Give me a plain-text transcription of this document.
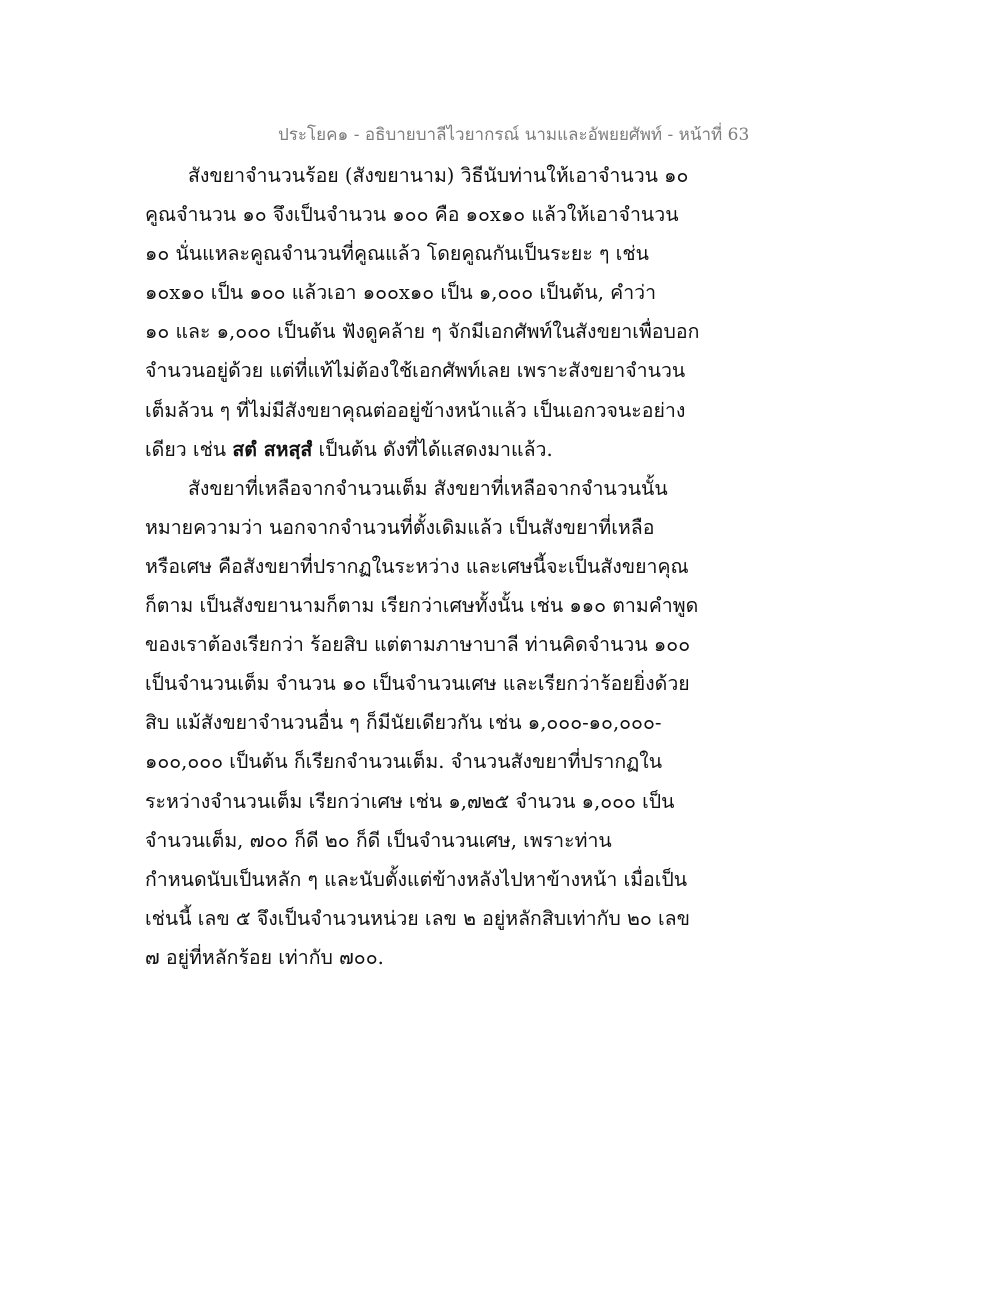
ประโยค๑ - อธิบายบาลีไวยากรณ์ นามและอัพยยศัพท์ - หน้าที่ 63
สังขยาจำนวนร้อย (สังขยานาม) วิธีนับท่านให้เอาจำนวน ๑๐
คูณจำนวน ๑๐ จึงเป็นจำนวน ๑๐๐ คือ ๑๐x๑๐ แล้วให้เอาจำนวน
๑๐ นั่นแหละคูณจำนวนที่คูณแล้ว โดยคูณกันเป็นระยะ ๆ เช่น
๑๐x๑๐ เป็น ๑๐๐ แล้วเอา ๑๐๐x๑๐ เป็น ๑,๐๐๐ เป็นต้น, คำว่า
๑๐ และ ๑,๐๐๐ เป็นต้น ฟังดูคล้าย ๆ จักมีเอกศัพท์ในสังขยาเพื่อบอก
จำนวนอยู่ด้วย แต่ที่แท้ไม่ต้องใช้เอกศัพท์เลย เพราะสังขยาจำนวน
เต็มล้วน ๆ ที่ไม่มีสังขยาคุณต่ออยู่ข้างหน้าแล้ว เป็นเอกวจนะอย่าง
เดียว เช่น สตํ สหสฺสํ เป็นต้น ดังที่ได้แสดงมาแล้ว.
สังขยาที่เหลือจากจำนวนเต็ม สังขยาที่เหลือจากจำนวนนั้น
หมายความว่า นอกจากจำนวนที่ตั้งเดิมแล้ว เป็นสังขยาที่เหลือ
หรือเศษ คือสังขยาที่ปรากฏในระหว่าง และเศษนี้จะเป็นสังขยาคุณ
ก็ตาม เป็นสังขยานามก็ตาม เรียกว่าเศษทั้งนั้น เช่น ๑๑๐ ตามคำพูด
ของเราต้องเรียกว่า ร้อยสิบ แต่ตามภาษาบาลี ท่านคิดจำนวน ๑๐๐
เป็นจำนวนเต็ม จำนวน ๑๐ เป็นจำนวนเศษ และเรียกว่าร้อยยิ่งด้วย
สิบ แม้สังขยาจำนวนอื่น ๆ ก็มีนัยเดียวกัน เช่น ๑,๐๐๐-๑๐,๐๐๐-
๑๐๐,๐๐๐ เป็นต้น ก็เรียกจำนวนเต็ม. จำนวนสังขยาที่ปรากฏใน
ระหว่างจำนวนเต็ม เรียกว่าเศษ เช่น ๑,๗๒๕ จำนวน ๑,๐๐๐ เป็น
จำนวนเต็ม, ๗๐๐ ก็ดี ๒๐ ก็ดี เป็นจำนวนเศษ, เพราะท่าน
กำหนดนับเป็นหลัก ๆ และนับตั้งแต่ข้างหลังไปหาข้างหน้า เมื่อเป็น
เช่นนี้ เลข ๕ จึงเป็นจำนวนหน่วย เลข ๒ อยู่หลักสิบเท่ากับ ๒๐ เลข
๗ อยู่ที่หลักร้อย เท่ากับ ๗๐๐.
